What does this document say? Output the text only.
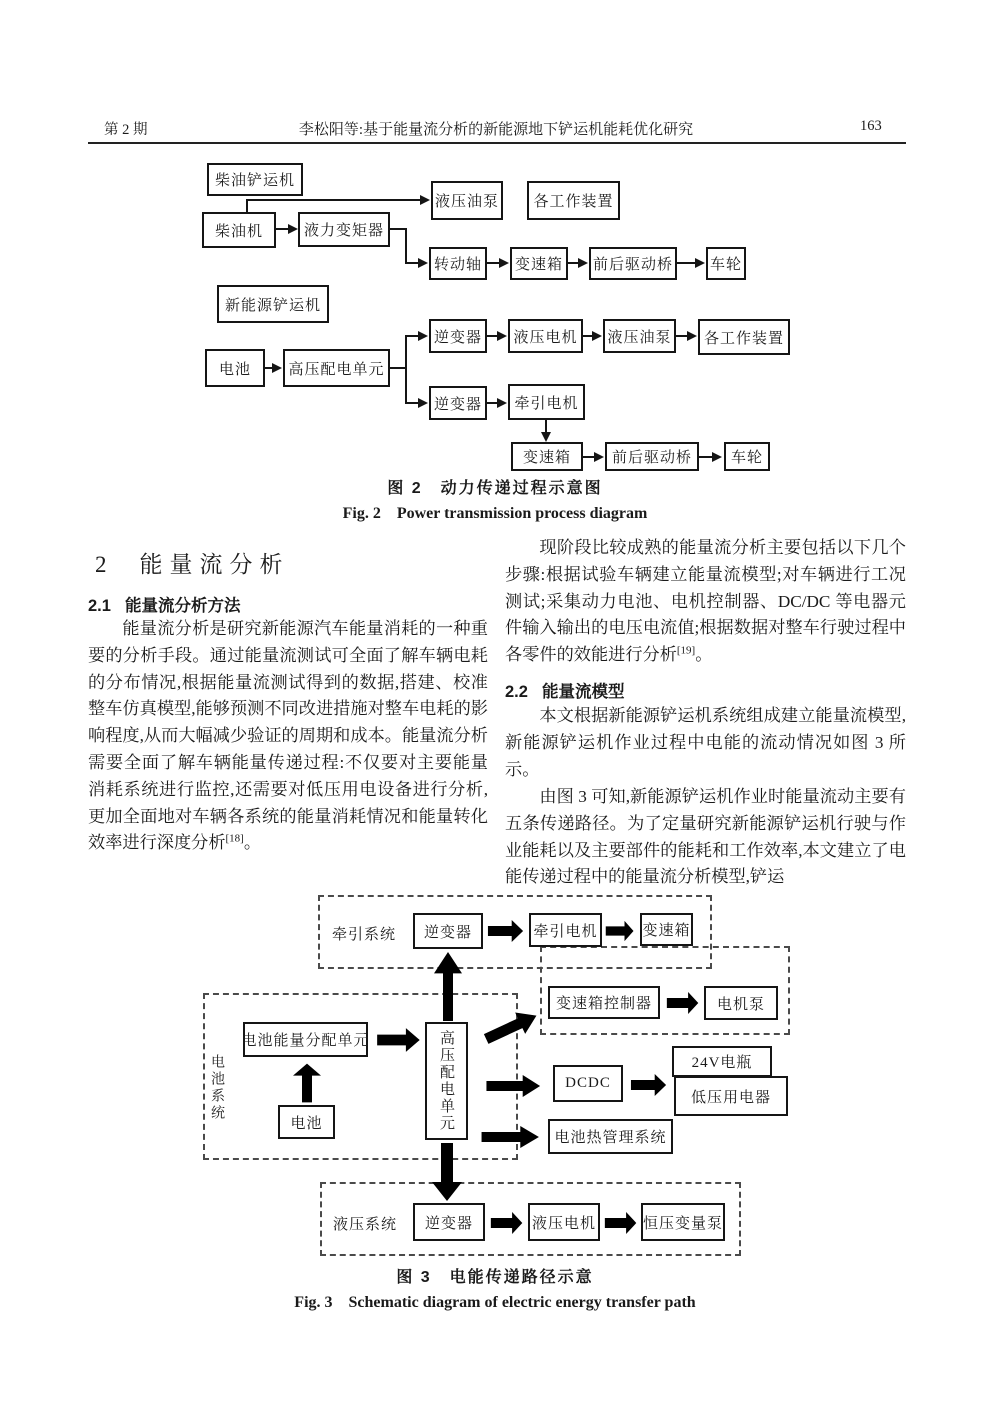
第 2 期	李松阳等:基于能量流分析的新能源地下铲运机能耗优化研究	163
柴油铲运机
柴油机	液力变矩器
液压油泵	各工作装置
转动轴	变速箱	前后驱动桥 车轮
新能源铲运机
电池	高压配电单元
逆变器	液压电机	液压油泵	各工作装置
逆变器	牵引电机
变速箱	前后驱动桥	车轮
图 2　动力传递过程示意图
Fig. 2　Power transmission process diagram
2 能量流分析
2.1 能量流分析方法

能量流分析是研究新能源汽车能量消耗的一种重要的分析手段。通过能量流测试可全面了解车辆电耗的分布情况,根据能量流测试得到的数据,搭建、校准整车仿真模型,能够预测不同改进措施对整车电耗的影响程度,从而大幅减少验证的周期和成本。能量流分析需要全面了解车辆能量传递过程:不仅要对主要能量消耗系统进行监控,还需要对低压用电设备进行分析,更加全面地对车辆各系统的能量消耗情况和能量转化效率进行深度分析[18]。

现阶段比较成熟的能量流分析主要包括以下几个步骤:根据试验车辆建立能量流模型;对车辆进行工况测试;采集动力电池、电机控制器、DC/DC 等电器元件输入输出的电压电流值;根据数据对整车行驶过程中各零件的效能进行分析[19]。

2.2 能量流模型

本文根据新能源铲运机系统组成建立能量流模型,新能源铲运机作业过程中电能的流动情况如图 3 所示。

由图 3 可知,新能源铲运机作业时能量流动主要有五条传递路径。为了定量研究新能源铲运机行驶与作业能耗以及主要部件的能耗和工作效率,本文建立了电能传递过程中的能量流分析模型,铲运

牵引系统
电池系统
液压系统
逆变器	牵引电机	变速箱
变速箱控制器	电机泵
电池能量分配单元	高压配电单元
电池
DCDC
24V电瓶
低压用电器
电池热管理系统
逆变器	液压电机	恒压变量泵
图 3　电能传递路径示意
Fig. 3　Schematic diagram of electric energy transfer path
